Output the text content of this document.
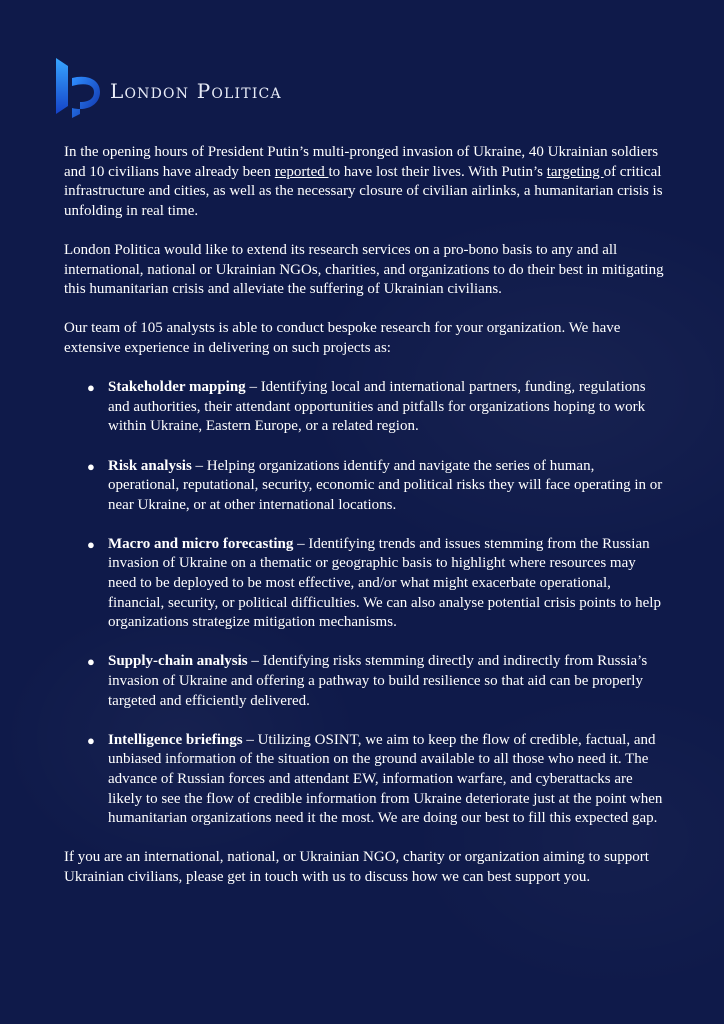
London Politica

In the opening hours of President Putin’s multi-pronged invasion of Ukraine, 40 Ukrainian soldiers and 10 civilians have already been reported to have lost their lives. With Putin’s targeting of critical infrastructure and cities, as well as the necessary closure of civilian airlinks, a humanitarian crisis is unfolding in real time.

London Politica would like to extend its research services on a pro-bono basis to any and all international, national or Ukrainian NGOs, charities, and organizations to do their best in mitigating this humanitarian crisis and alleviate the suffering of Ukrainian civilians.

Our team of 105 analysts is able to conduct bespoke research for your organization. We have extensive experience in delivering on such projects as:

● Stakeholder mapping – Identifying local and international partners, funding, regulations and authorities, their attendant opportunities and pitfalls for organizations hoping to work within Ukraine, Eastern Europe, or a related region.
● Risk analysis – Helping organizations identify and navigate the series of human, operational, reputational, security, economic and political risks they will face operating in or near Ukraine, or at other international locations.
● Macro and micro forecasting – Identifying trends and issues stemming from the Russian invasion of Ukraine on a thematic or geographic basis to highlight where resources may need to be deployed to be most effective, and/or what might exacerbate operational, financial, security, or political difficulties. We can also analyse potential crisis points to help organizations strategize mitigation mechanisms.
● Supply-chain analysis – Identifying risks stemming directly and indirectly from Russia’s invasion of Ukraine and offering a pathway to build resilience so that aid can be properly targeted and efficiently delivered.
● Intelligence briefings – Utilizing OSINT, we aim to keep the flow of credible, factual, and unbiased information of the situation on the ground available to all those who need it. The advance of Russian forces and attendant EW, information warfare, and cyberattacks are likely to see the flow of credible information from Ukraine deteriorate just at the point when humanitarian organizations need it the most. We are doing our best to fill this expected gap.

If you are an international, national, or Ukrainian NGO, charity or organization aiming to support Ukrainian civilians, please get in touch with us to discuss how we can best support you.
